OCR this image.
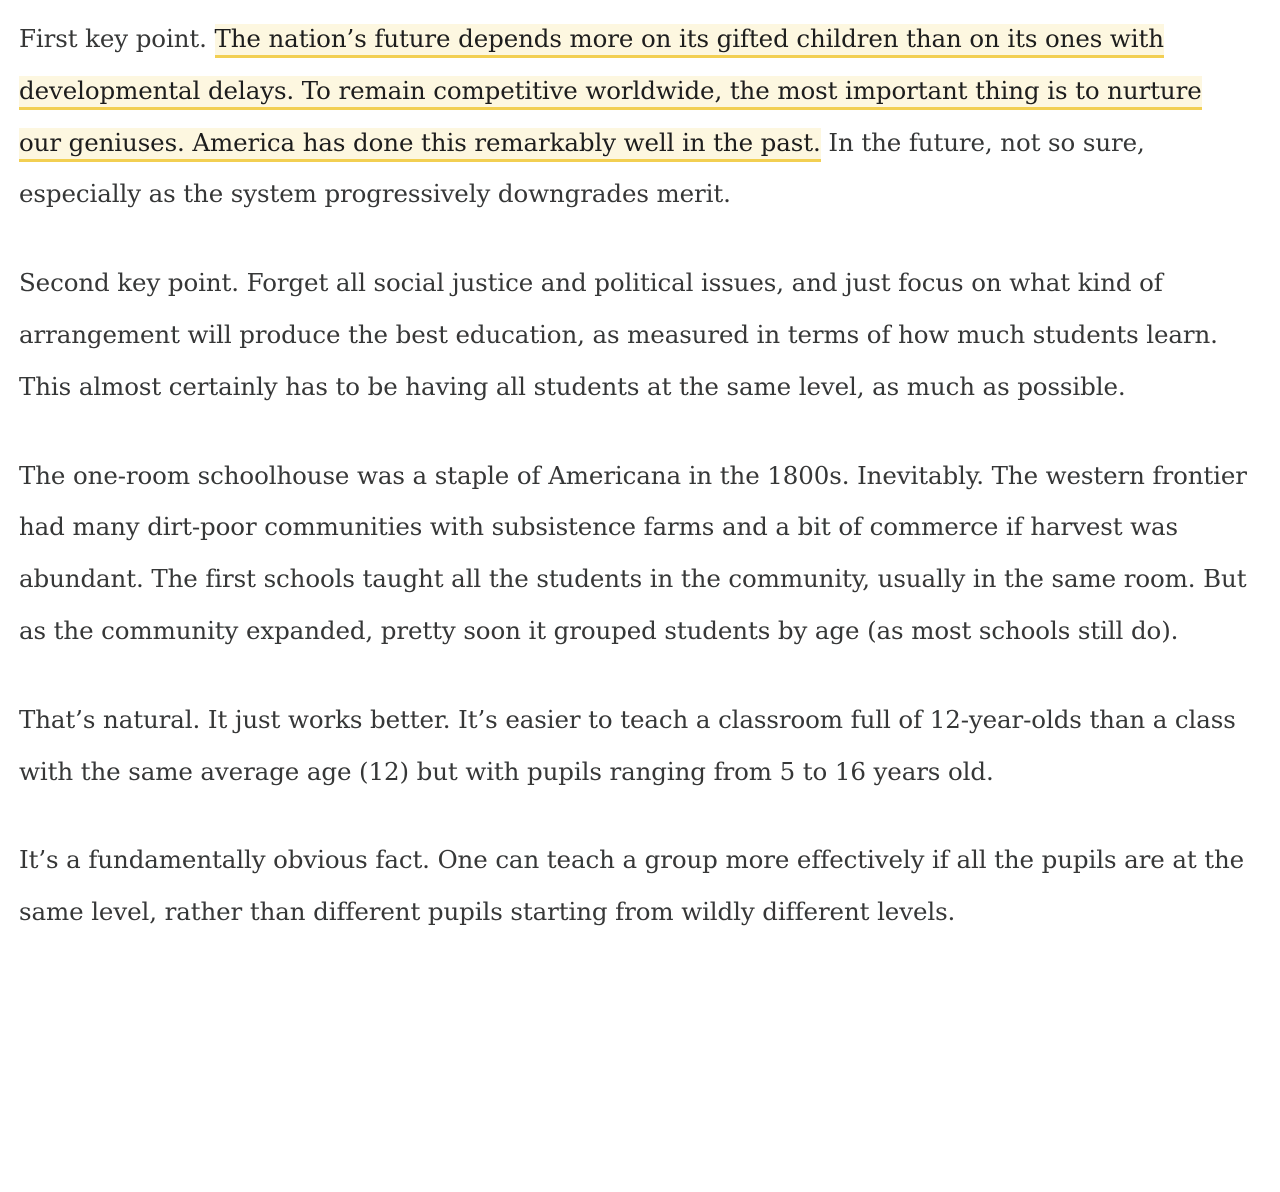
First key point. The nation’s future depends more on its gifted children than on its ones with developmental delays. To remain competitive worldwide, the most important thing is to nurture our geniuses. America has done this remarkably well in the past. In the future, not so sure, especially as the system progressively downgrades merit.

Second key point. Forget all social justice and political issues, and just focus on what kind of arrangement will produce the best education, as measured in terms of how much students learn. This almost certainly has to be having all students at the same level, as much as possible.

The one-room schoolhouse was a staple of Americana in the 1800s. Inevitably. The western frontier had many dirt-poor communities with subsistence farms and a bit of commerce if harvest was abundant. The first schools taught all the students in the community, usually in the same room. But as the community expanded, pretty soon it grouped students by age (as most schools still do).

That’s natural. It just works better. It’s easier to teach a classroom full of 12-year-olds than a class with the same average age (12) but with pupils ranging from 5 to 16 years old.

It’s a fundamentally obvious fact. One can teach a group more effectively if all the pupils are at the same level, rather than different pupils starting from wildly different levels.
